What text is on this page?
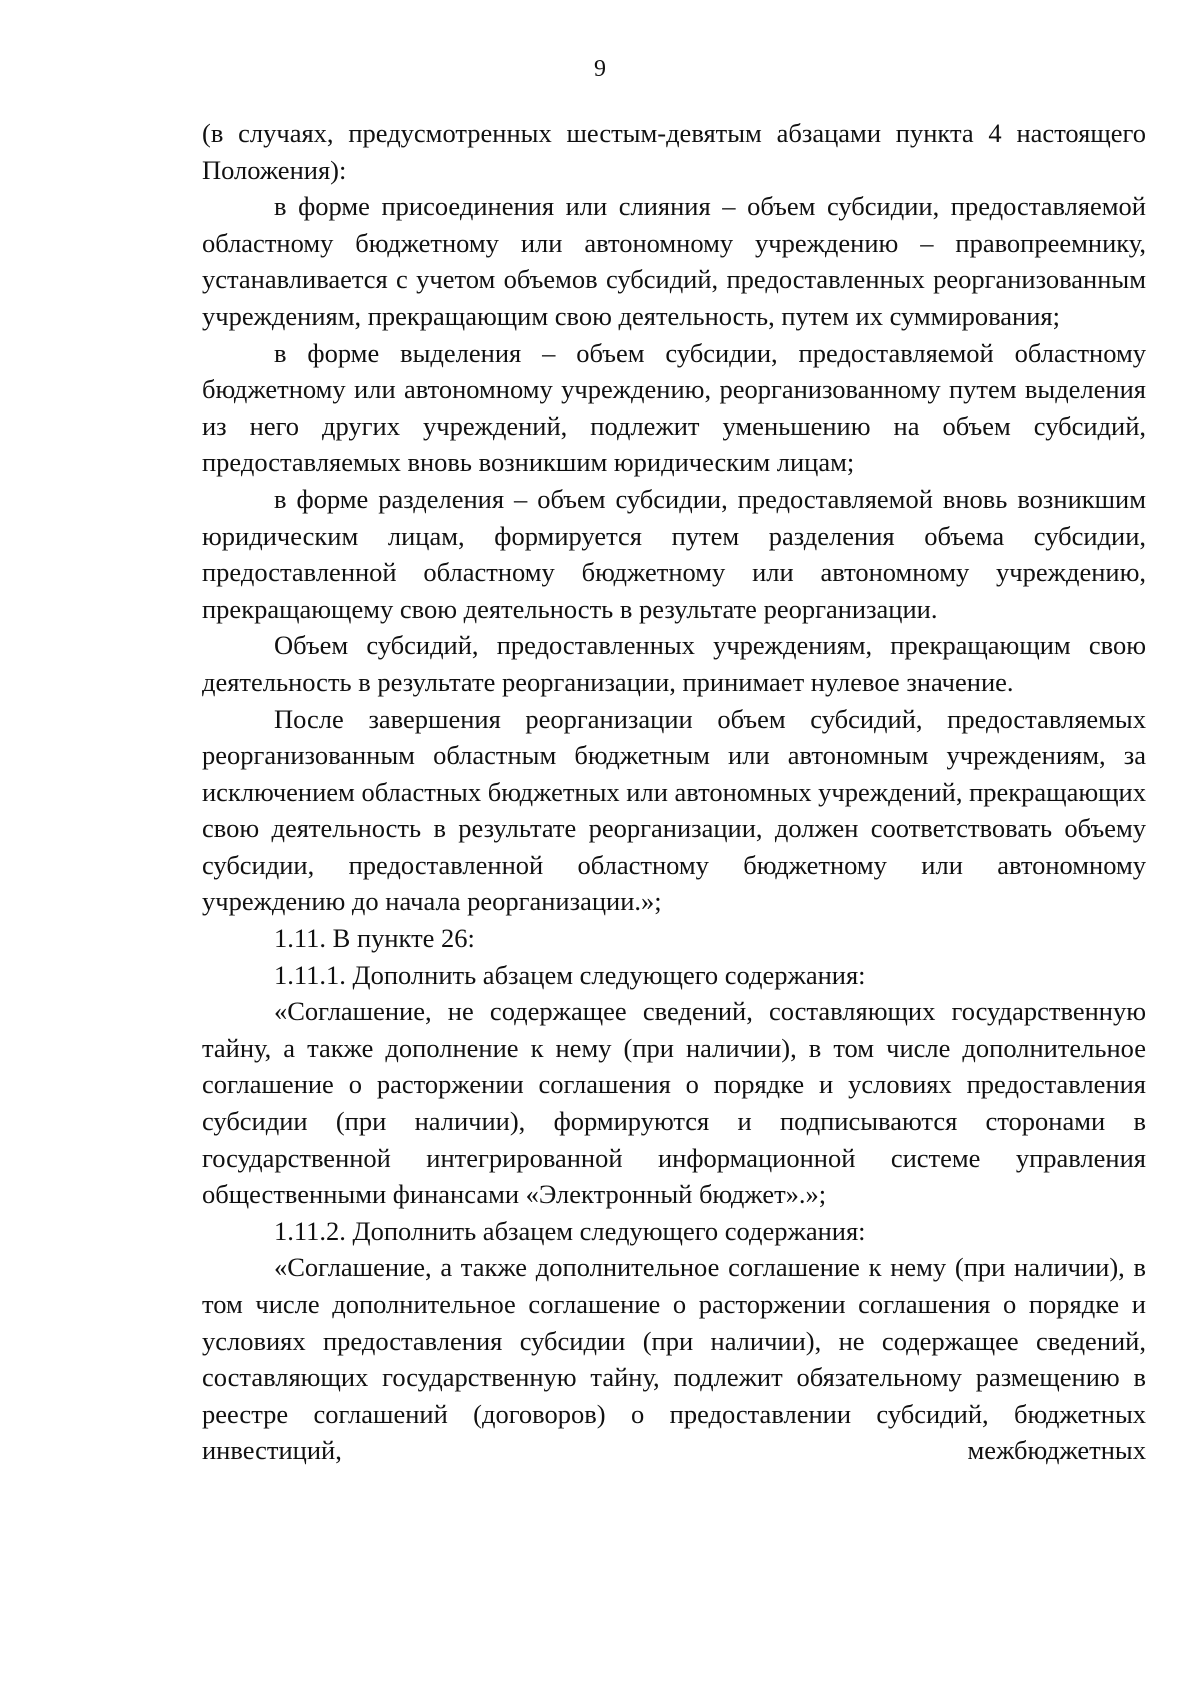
9

(в случаях, предусмотренных шестым-девятым абзацами пункта 4 настоящего Положения):

в форме присоединения или слияния – объем субсидии, предоставляемой областному бюджетному или автономному учреждению – правопреемнику, устанавливается с учетом объемов субсидий, предоставленных реорганизованным учреждениям, прекращающим свою деятельность, путем их суммирования;

в форме выделения – объем субсидии, предоставляемой областному бюджетному или автономному учреждению, реорганизованному путем выделения из него других учреждений, подлежит уменьшению на объем субсидий, предоставляемых вновь возникшим юридическим лицам;

в форме разделения – объем субсидии, предоставляемой вновь возникшим юридическим лицам, формируется путем разделения объема субсидии, предоставленной областному бюджетному или автономному учреждению, прекращающему свою деятельность в результате реорганизации.

Объем субсидий, предоставленных учреждениям, прекращающим свою деятельность в результате реорганизации, принимает нулевое значение.

После завершения реорганизации объем субсидий, предоставляемых реорганизованным областным бюджетным или автономным учреждениям, за исключением областных бюджетных или автономных учреждений, прекращающих свою деятельность в результате реорганизации, должен соответствовать объему субсидии, предоставленной областному бюджетному или автономному учреждению до начала реорганизации.»;

1.11. В пункте 26:

1.11.1. Дополнить абзацем следующего содержания:

«Соглашение, не содержащее сведений, составляющих государственную тайну, а также дополнение к нему (при наличии), в том числе дополнительное соглашение о расторжении соглашения о порядке и условиях предоставления субсидии (при наличии), формируются и подписываются сторонами в государственной интегрированной информационной системе управления общественными финансами «Электронный бюджет».»;

1.11.2. Дополнить абзацем следующего содержания:

«Соглашение, а также дополнительное соглашение к нему (при наличии), в том числе дополнительное соглашение о расторжении соглашения о порядке и условиях предоставления субсидии (при наличии), не содержащее сведений, составляющих государственную тайну, подлежит обязательному размещению в реестре соглашений (договоров) о предоставлении субсидий, бюджетных инвестиций, межбюджетных
